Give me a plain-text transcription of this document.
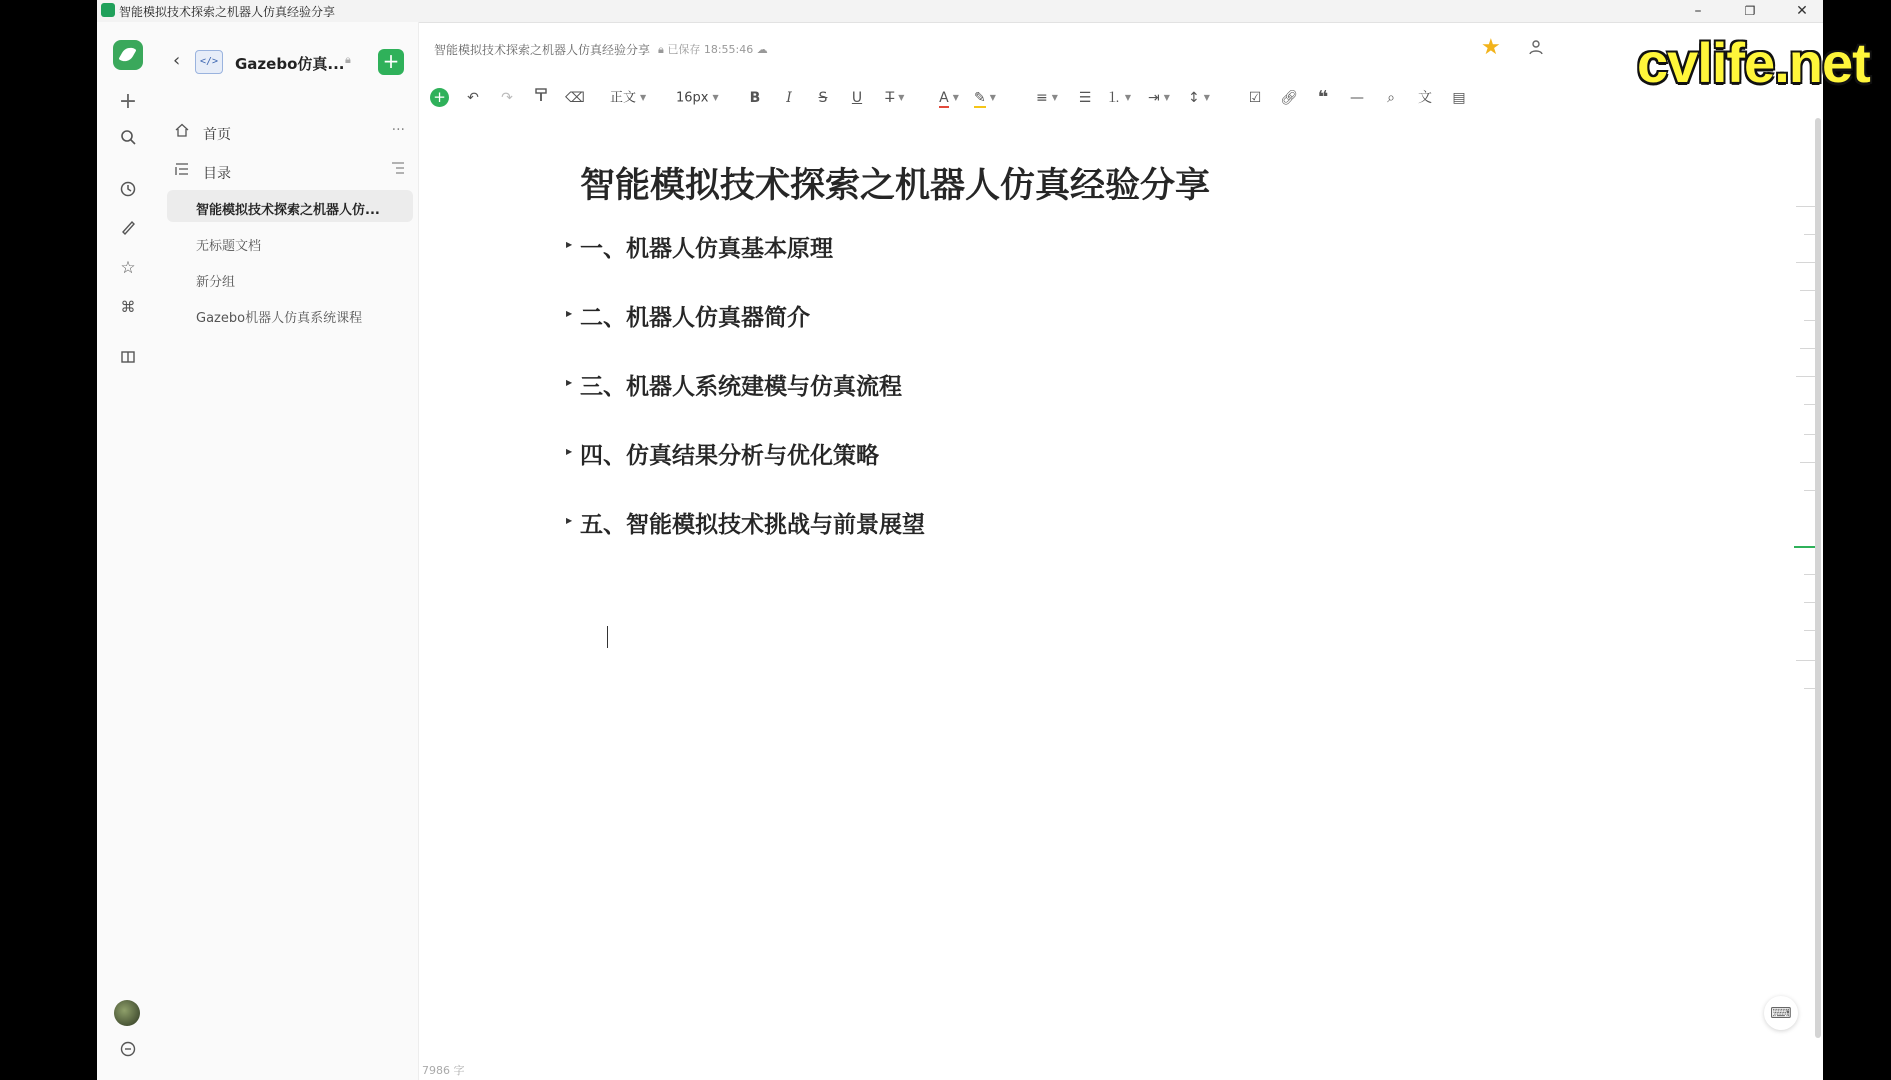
智能模拟技术探索之机器人仿真经验分享	–	❐	✕
+
☆
⌘
‹	</>	Gazebo仿真... 🔒︎ +
首页	···
目录
智能模拟技术探索之机器人仿...
无标题文档
新分组
Gazebo机器人仿真系统课程
智能模拟技术探索之机器人仿真经验分享 🔒︎ 已保存 18:55:46 ☁	★
+	↶	↷	⌫ 正文 ▼ 16px ▼	B	I	S	U	T̶ ▼	A ▼	✎ ▼	≡ ▼	☰	⒈ ▼	⇥ ▼	↕ ▼	☑	🔗︎	❝	—	⌕	文	▤
智能模拟技术探索之机器人仿真经验分享
▶ 一、机器人仿真基本原理
▶ 二、机器人仿真器简介
▶ 三、机器人系统建模与仿真流程
▶ 四、仿真结果分析与优化策略
▶ 五、智能模拟技术挑战与前景展望
7986 字
⌨
cvlife.net
